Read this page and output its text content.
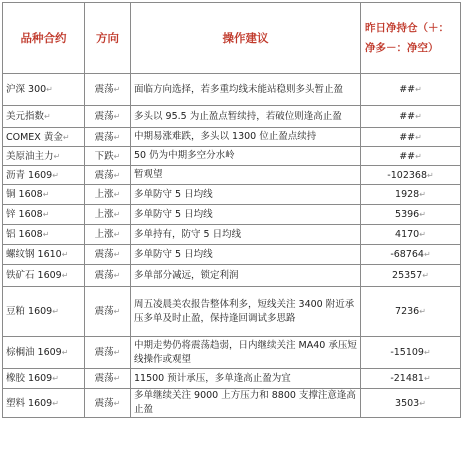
品种合约	方向	操作建议	昨日净持仓（＋：净多－：净空）
沪深 300↵	震荡↵	面临方向选择，若多重均线未能站稳则多头暂止盈	##↵
美元指数↵	震荡↵	多头以 95.5 为止盈点暂续持，若破位则逢高止盈	##↵
COMEX 黄金↵	震荡↵	中期易涨难跌，多头以 1300 位止盈点续持	##↵
美原油主力↵	下跌↵	50 仍为中期多空分水岭	##↵
沥青 1609↵	震荡↵	暂观望	-102368↵
铜 1608↵	上涨↵	多单防守 5 日均线	1928↵
锌 1608↵	上涨↵	多单防守 5 日均线	5396↵
铝 1608↵	上涨↵	多单持有，防守 5 日均线	4170↵
螺纹钢 1610↵	震荡↵	多单防守 5 日均线	-68764↵
铁矿石 1609↵	震荡↵	多单部分减远，锁定利润	25357↵
豆粕 1609↵	震荡↵	周五凌晨美农报告整体利多，短线关注 3400 附近承压多单及时止盈，保持逢回调试多思路	7236↵
棕榈油 1609↵	震荡↵	中期走势仍将震荡趋弱，日内继续关注 MA40 承压短线操作或观望	-15109↵
橡胶 1609↵	震荡↵	11500 预计承压，多单逢高止盈为宜	-21481↵
塑料 1609↵	震荡↵	多单继续关注 9000 上方压力和 8800 支撑注意逢高止盈	3503↵
